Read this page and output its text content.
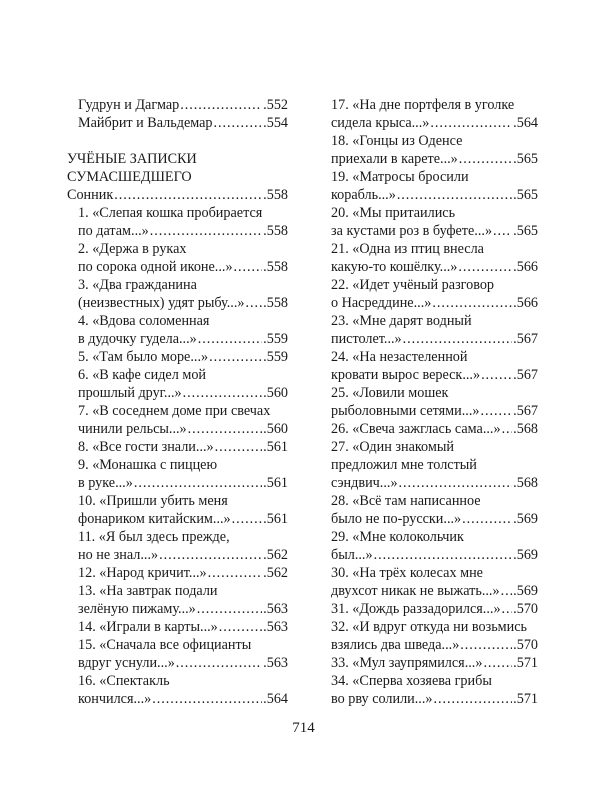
Гудрун и Дагмар . . .	.552
Майбрит и Вальдемар . . .	.554
УЧЁНЫЕ ЗАПИСКИ
СУМАСШЕДШЕГО
Сонник . . .	.558
1. «Слепая кошка пробирается
по датам...» . . .	.558
2. «Держа в руках
по сорока одной иконе...» . . . .558
3. «Два гражданина
(неизвестных) удят рыбу...» . . . .558
4. «Вдова соломенная
в дудочку гудела...» . . .	.559
5. «Там было море...» . . .	.559
6. «В кафе сидел мой
прошлый друг...» . . .	.560
7. «В соседнем доме при свечах
чинили рельсы...» . . .	.560
8. «Все гости знали...» . . .	.561
9. «Монашка с пиццею
в руке...» . . .	.561
10. «Пришли убить меня
фонариком китайским...» . . . .561
11. «Я был здесь прежде,
но не знал...» . . .	.562
12. «Народ кричит...» . . .	.562
13. «На завтрак подали
зелёную пижаму...» . . .	.563
14. «Играли в карты...» . . .	.563
15. «Сначала все официанты
вдруг уснули...» . . .	.563
16. «Спектакль
кончился...» . . .	.564
17. «На дне портфеля в уголке
сидела крыса...» . . .	.564
18. «Гонцы из Оденсе
приехали в карете...» . . .	.565
19. «Матросы бросили
корабль...» . . .	.565
20. «Мы притаились
за кустами роз в буфете...» . . . .565
21. «Одна из птиц внесла
какую-то кошёлку...» . . .	.566
22. «Идет учёный разговор
о Насреддине...» . . .	.566
23. «Мне дарят водный
пистолет...» . . .	.567
24. «На незастеленной
кровати вырос вереск...» . . . .567
25. «Ловили мошек
рыболовными сетями...» . . . .567
26. «Свеча зажглась сама...» . . . .568
27. «Один знакомый
предложил мне толстый
сэндвич...» . . .	.568
28. «Всё там написанное
было не по-русски...» . . .	.569
29. «Мне колокольчик
был...» . . .	.569
30. «На трёх колесах мне
двухсот никак не выжать...» . . . .569
31. «Дождь раззадорился...» . . . .570
32. «И вдруг откуда ни возьмись
взялись два шведа...» . . .	.570
33. «Мул заупрямился...» . . . .571
34. «Сперва хозяева грибы
во рву солили...» . . .	.571
714
